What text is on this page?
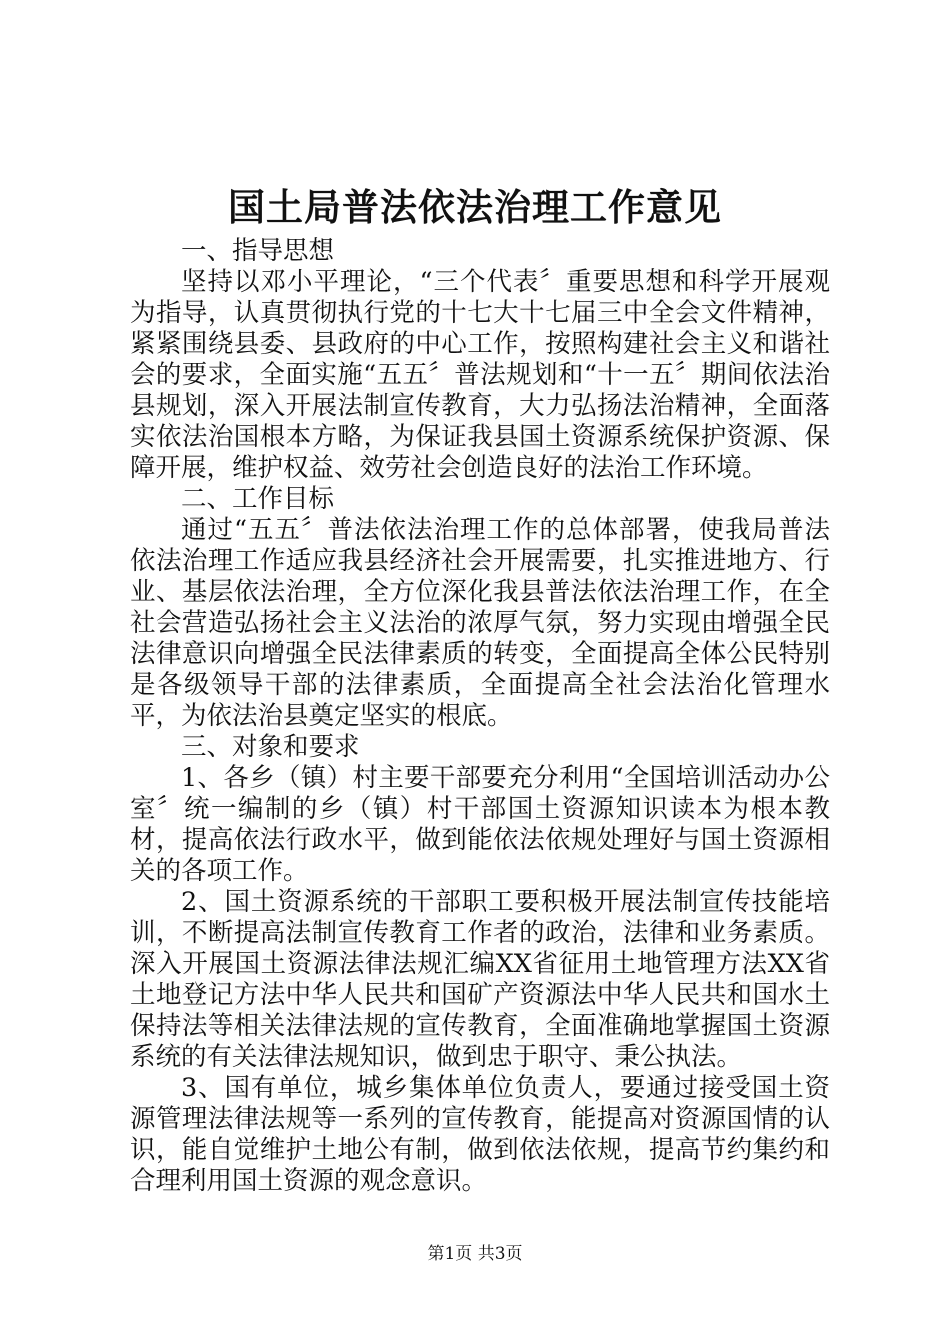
国土局普法依法治理工作意见

一、指导思想

坚持以邓小平理论，“三个代表〞重要思想和科学开展观为指导，认真贯彻执行党的十七大十七届三中全会文件精神，紧紧围绕县委、县政府的中心工作，按照构建社会主义和谐社会的要求，全面实施“五五〞普法规划和“十一五〞期间依法治县规划，深入开展法制宣传教育，大力弘扬法治精神，全面落实依法治国根本方略，为保证我县国土资源系统保护资源、保障开展，维护权益、效劳社会创造良好的法治工作环境。

二、工作目标

通过“五五〞普法依法治理工作的总体部署，使我局普法依法治理工作适应我县经济社会开展需要，扎实推进地方、行业、基层依法治理，全方位深化我县普法依法治理工作，在全社会营造弘扬社会主义法治的浓厚气氛，努力实现由增强全民法律意识向增强全民法律素质的转变，全面提高全体公民特别是各级领导干部的法律素质，全面提高全社会法治化管理水平，为依法治县奠定坚实的根底。

三、对象和要求

1、各乡（镇）村主要干部要充分利用“全国培训活动办公室〞统一编制的乡（镇）村干部国土资源知识读本为根本教材，提高依法行政水平，做到能依法依规处理好与国土资源相关的各项工作。

2、国土资源系统的干部职工要积极开展法制宣传技能培训，不断提高法制宣传教育工作者的政治，法律和业务素质。深入开展国土资源法律法规汇编XX省征用土地管理方法XX省土地登记方法中华人民共和国矿产资源法中华人民共和国水土保持法等相关法律法规的宣传教育，全面准确地掌握国土资源系统的有关法律法规知识，做到忠于职守、秉公执法。

3、国有单位，城乡集体单位负责人，要通过接受国土资源管理法律法规等一系列的宣传教育，能提高对资源国情的认识，能自觉维护土地公有制，做到依法依规，提高节约集约和合理利用国土资源的观念意识。

第1页 共3页
